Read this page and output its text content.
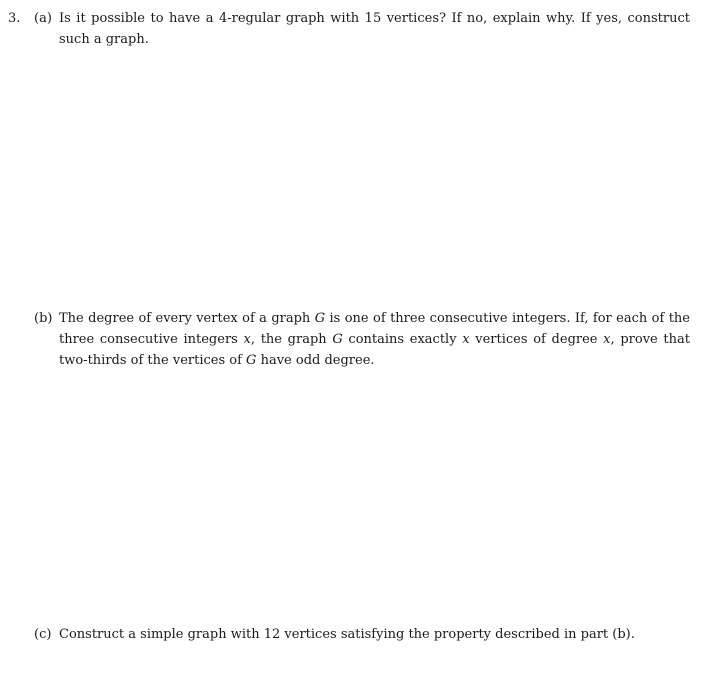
3. (a) Is it possible to have a 4-regular graph with 15 vertices? If no, explain why. If yes, construct such a graph.
(b) The degree of every vertex of a graph G is one of three consecutive integers. If, for each of the three consecutive integers x, the graph G contains exactly x vertices of degree x, prove that two-thirds of the vertices of G have odd degree.
(c) Construct a simple graph with 12 vertices satisfying the property described in part (b).
